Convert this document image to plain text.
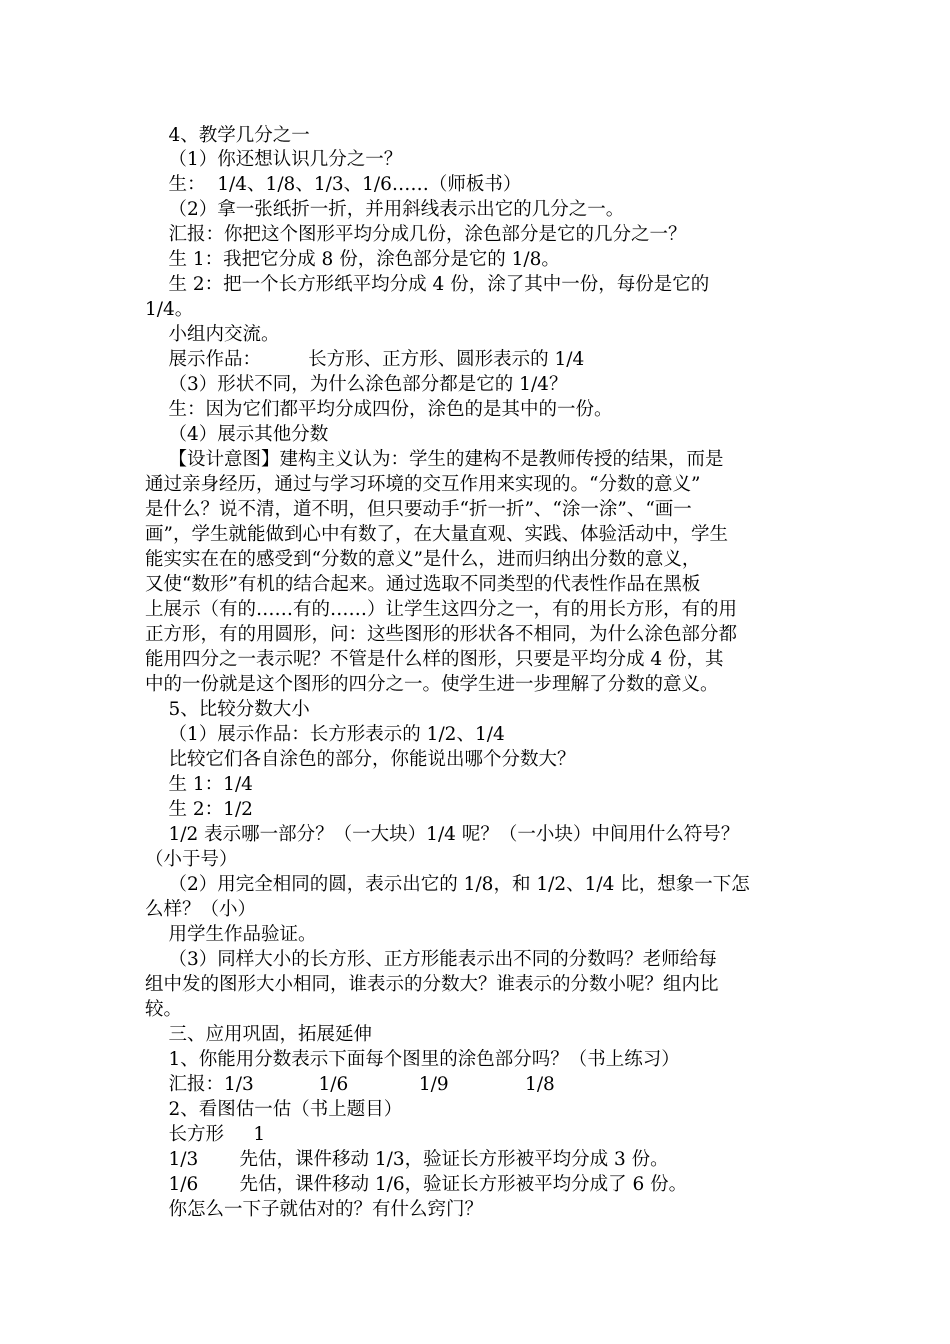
4、教学几分之一
（1）你还想认识几分之一？
生：  1/4、1/8、1/3、1/6……（师板书）
（2）拿一张纸折一折，并用斜线表示出它的几分之一。
汇报：你把这个图形平均分成几份，涂色部分是它的几分之一？
生 1：我把它分成 8 份，涂色部分是它的 1/8。
生 2：把一个长方形纸平均分成 4 份，涂了其中一份，每份是它的
1/4。
小组内交流。
展示作品：        长方形、正方形、圆形表示的 1/4
（3）形状不同，为什么涂色部分都是它的 1/4？
生：因为它们都平均分成四份，涂色的是其中的一份。
（4）展示其他分数
【设计意图】建构主义认为：学生的建构不是教师传授的结果，而是
通过亲身经历，通过与学习环境的交互作用来实现的。“分数的意义”
是什么？说不清，道不明，但只要动手“折一折”、“涂一涂”、“画一
画”，学生就能做到心中有数了，在大量直观、实践、体验活动中，学生
能实实在在的感受到“分数的意义”是什么，进而归纳出分数的意义，
又使“数形”有机的结合起来。通过选取不同类型的代表性作品在黑板
上展示（有的……有的……）让学生这四分之一，有的用长方形，有的用
正方形，有的用圆形，问：这些图形的形状各不相同，为什么涂色部分都
能用四分之一表示呢？不管是什么样的图形，只要是平均分成 4 份，其
中的一份就是这个图形的四分之一。使学生进一步理解了分数的意义。
5、比较分数大小
（1）展示作品：长方形表示的 1/2、1/4
比较它们各自涂色的部分，你能说出哪个分数大？
生 1：1/4
生 2：1/2
1/2 表示哪一部分？（一大块）1/4 呢？（一小块）中间用什么符号？
（小于号）
（2）用完全相同的圆，表示出它的 1/8，和 1/2、1/4 比，想象一下怎
么样？（小）
用学生作品验证。
（3）同样大小的长方形、正方形能表示出不同的分数吗？老师给每
组中发的图形大小相同，谁表示的分数大？谁表示的分数小呢？组内比
较。
三、应用巩固，拓展延伸
1、你能用分数表示下面每个图里的涂色部分吗？（书上练习）
汇报：1/3           1/6            1/9             1/8
2、看图估一估（书上题目）
长方形     1
1/3       先估，课件移动 1/3，验证长方形被平均分成 3 份。
1/6       先估，课件移动 1/6，验证长方形被平均分成了 6 份。
你怎么一下子就估对的？有什么窍门？
